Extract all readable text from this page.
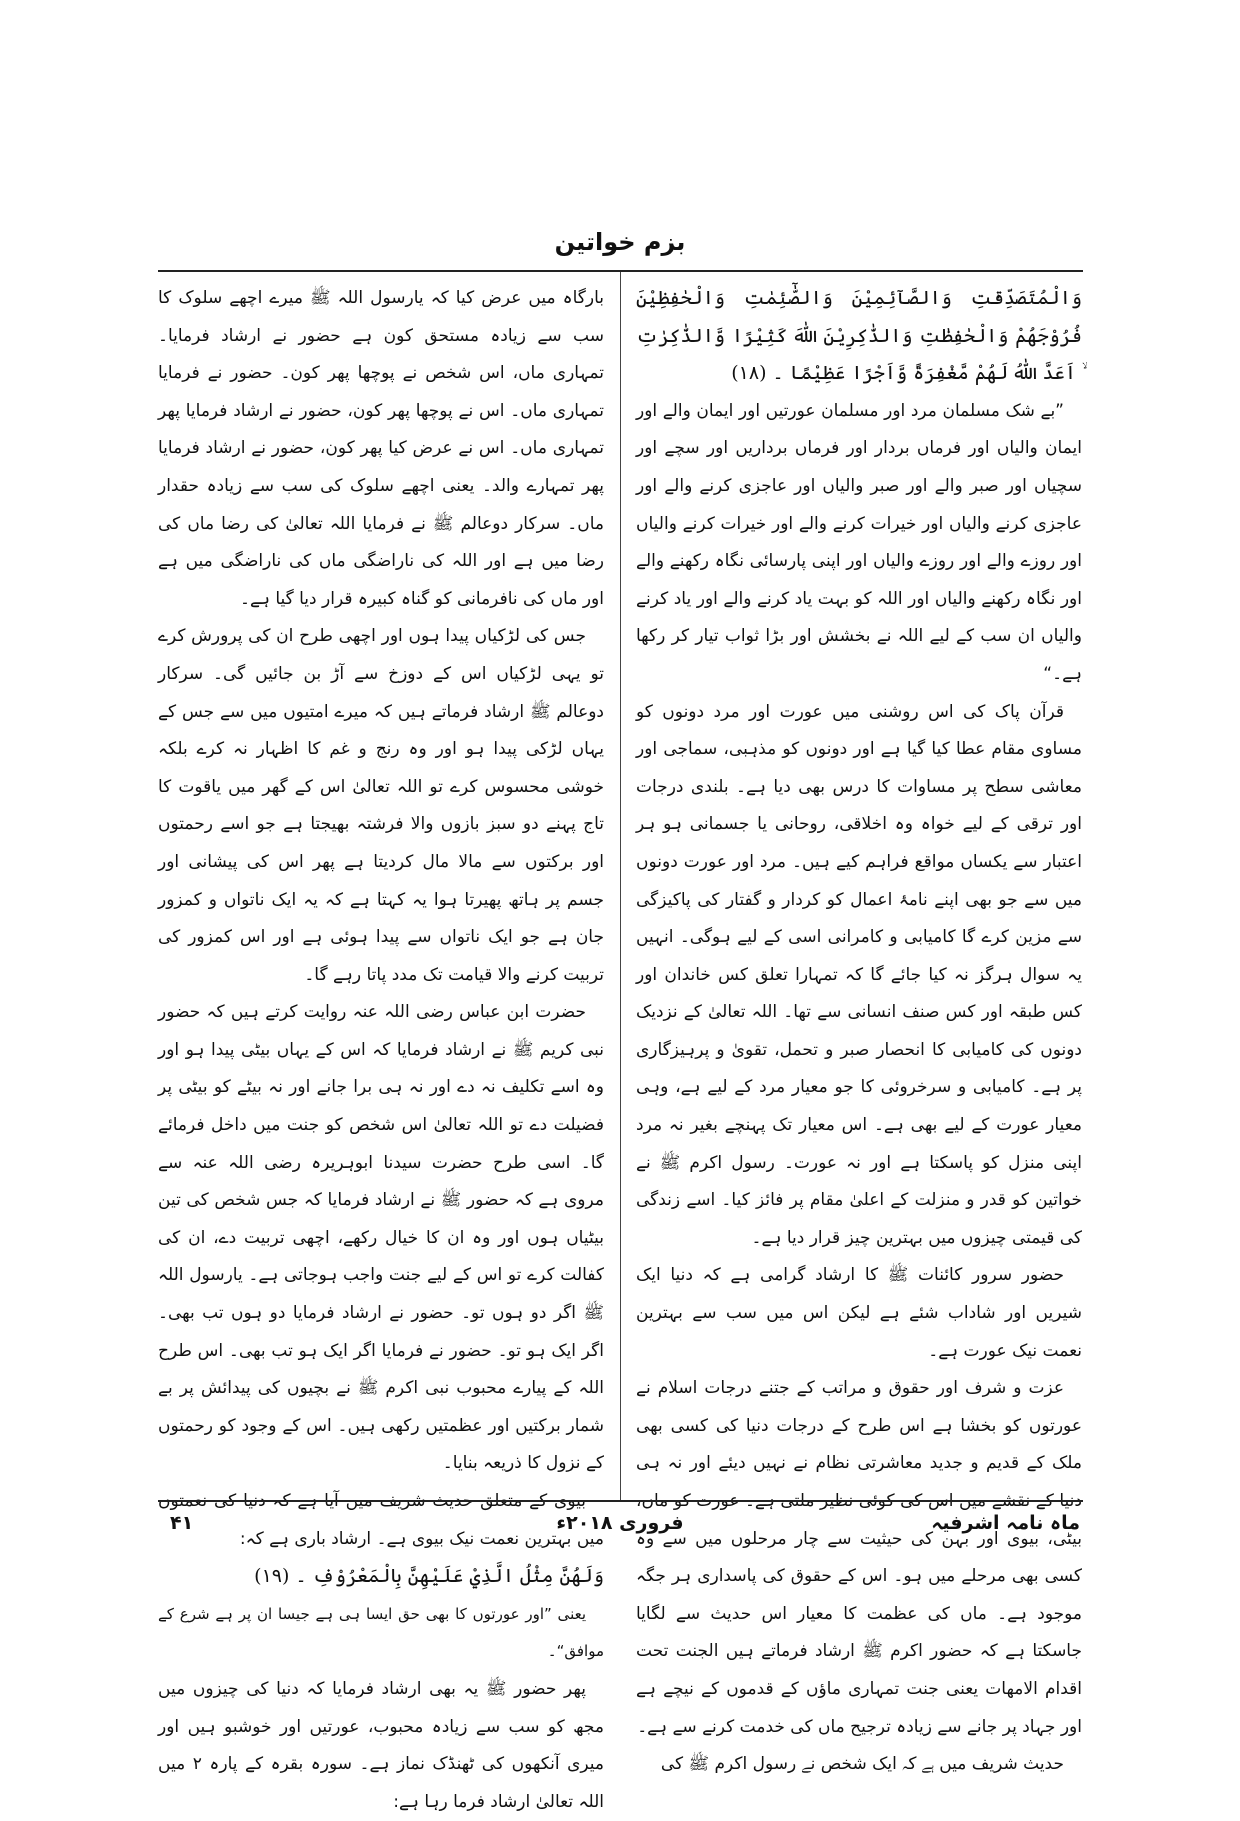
بزم خواتین

وَالْمُتَصَدِّقٰتِ وَالصَّآئِمِيْنَ وَالصّٰٓئِمٰتِ وَالْحٰفِظِيْنَ فُرُوْجَهُمْ وَالْحٰفِظٰتِ وَالذّٰكِرِيْنَ اللّٰهَ كَثِيْرًا وَّالذّٰكِرٰتِ ۙ اَعَدَّ اللّٰهُ لَهُمْ مَّغْفِرَةً وَّاَجْرًا عَظِيْمًا ۔ (۱۸)

”بے شک مسلمان مرد اور مسلمان عورتیں اور ایمان والے اور ایمان والیاں اور فرماں بردار اور فرماں برداریں اور سچے اور سچیاں اور صبر والے اور صبر والیاں اور عاجزی کرنے والے اور عاجزی کرنے والیاں اور خیرات کرنے والے اور خیرات کرنے والیاں اور روزے والے اور روزے والیاں اور اپنی پارسائی نگاہ رکھنے والے اور نگاہ رکھنے والیاں اور اللہ کو بہت یاد کرنے والے اور یاد کرنے والیاں ان سب کے لیے اللہ نے بخشش اور بڑا ثواب تیار کر رکھا ہے۔“

قرآن پاک کی اس روشنی میں عورت اور مرد دونوں کو مساوی مقام عطا کیا گیا ہے اور دونوں کو مذہبی، سماجی اور معاشی سطح پر مساوات کا درس بھی دیا ہے۔ بلندی درجات اور ترقی کے لیے خواہ وہ اخلاقی، روحانی یا جسمانی ہو ہر اعتبار سے یکساں مواقع فراہم کیے ہیں۔ مرد اور عورت دونوں میں سے جو بھی اپنے نامۂ اعمال کو کردار و گفتار کی پاکیزگی سے مزین کرے گا کامیابی و کامرانی اسی کے لیے ہوگی۔ انہیں یہ سوال ہرگز نہ کیا جائے گا کہ تمہارا تعلق کس خاندان اور کس طبقہ اور کس صنف انسانی سے تھا۔ اللہ تعالیٰ کے نزدیک دونوں کی کامیابی کا انحصار صبر و تحمل، تقویٰ و پرہیزگاری پر ہے۔ کامیابی و سرخروئی کا جو معیار مرد کے لیے ہے، وہی معیار عورت کے لیے بھی ہے۔ اس معیار تک پہنچے بغیر نہ مرد اپنی منزل کو پاسکتا ہے اور نہ عورت۔ رسول اکرم ﷺ نے خواتین کو قدر و منزلت کے اعلیٰ مقام پر فائز کیا۔ اسے زندگی کی قیمتی چیزوں میں بہترین چیز قرار دیا ہے۔

حضور سرور کائنات ﷺ کا ارشاد گرامی ہے کہ دنیا ایک شیریں اور شاداب شئے ہے لیکن اس میں سب سے بہترین نعمت نیک عورت ہے۔

عزت و شرف اور حقوق و مراتب کے جتنے درجات اسلام نے عورتوں کو بخشا ہے اس طرح کے درجات دنیا کی کسی بھی ملک کے قدیم و جدید معاشرتی نظام نے نہیں دیئے اور نہ ہی دنیا کے نقشے میں اس کی کوئی نظیر ملتی ہے۔ عورت کو ماں، بیٹی، بیوی اور بہن کی حیثیت سے چار مرحلوں میں سے وہ کسی بھی مرحلے میں ہو۔ اس کے حقوق کی پاسداری ہر جگہ موجود ہے۔ ماں کی عظمت کا معیار اس حدیث سے لگایا جاسکتا ہے کہ حضور اکرم ﷺ ارشاد فرماتے ہیں الجنت تحت اقدام الامھات یعنی جنت تمہاری ماؤں کے قدموں کے نیچے ہے اور جہاد پر جانے سے زیادہ ترجیح ماں کی خدمت کرنے سے ہے۔

حدیث شریف میں ہے کہ ایک شخص نے رسول اکرم ﷺ کی

بارگاہ میں عرض کیا کہ یارسول اللہ ﷺ میرے اچھے سلوک کا سب سے زیادہ مستحق کون ہے حضور نے ارشاد فرمایا۔ تمہاری ماں، اس شخص نے پوچھا پھر کون۔ حضور نے فرمایا تمہاری ماں۔ اس نے پوچھا پھر کون، حضور نے ارشاد فرمایا پھر تمہاری ماں۔ اس نے عرض کیا پھر کون، حضور نے ارشاد فرمایا پھر تمہارے والد۔ یعنی اچھے سلوک کی سب سے زیادہ حقدار ماں۔ سرکار دوعالم ﷺ نے فرمایا اللہ تعالیٰ کی رضا ماں کی رضا میں ہے اور اللہ کی ناراضگی ماں کی ناراضگی میں ہے اور ماں کی نافرمانی کو گناہ کبیرہ قرار دیا گیا ہے۔

جس کی لڑکیاں پیدا ہوں اور اچھی طرح ان کی پرورش کرے تو یہی لڑکیاں اس کے دوزخ سے آڑ بن جائیں گی۔ سرکار دوعالم ﷺ ارشاد فرماتے ہیں کہ میرے امتیوں میں سے جس کے یہاں لڑکی پیدا ہو اور وہ رنج و غم کا اظہار نہ کرے بلکہ خوشی محسوس کرے تو اللہ تعالیٰ اس کے گھر میں یاقوت کا تاج پہنے دو سبز بازوں والا فرشتہ بھیجتا ہے جو اسے رحمتوں اور برکتوں سے مالا مال کردیتا ہے پھر اس کی پیشانی اور جسم پر ہاتھ پھیرتا ہوا یہ کہتا ہے کہ یہ ایک ناتواں و کمزور جان ہے جو ایک ناتواں سے پیدا ہوئی ہے اور اس کمزور کی تربیت کرنے والا قیامت تک مدد پاتا رہے گا۔

حضرت ابن عباس رضی اللہ عنہ روایت کرتے ہیں کہ حضور نبی کریم ﷺ نے ارشاد فرمایا کہ اس کے یہاں بیٹی پیدا ہو اور وہ اسے تکلیف نہ دے اور نہ ہی برا جانے اور نہ بیٹے کو بیٹی پر فضیلت دے تو اللہ تعالیٰ اس شخص کو جنت میں داخل فرمائے گا۔ اسی طرح حضرت سیدنا ابوہریرہ رضی اللہ عنہ سے مروی ہے کہ حضور ﷺ نے ارشاد فرمایا کہ جس شخص کی تین بیٹیاں ہوں اور وہ ان کا خیال رکھے، اچھی تربیت دے، ان کی کفالت کرے تو اس کے لیے جنت واجب ہوجاتی ہے۔ یارسول اللہ ﷺ اگر دو ہوں تو۔ حضور نے ارشاد فرمایا دو ہوں تب بھی۔ اگر ایک ہو تو۔ حضور نے فرمایا اگر ایک ہو تب بھی۔ اس طرح اللہ کے پیارے محبوب نبی اکرم ﷺ نے بچیوں کی پیدائش پر بے شمار برکتیں اور عظمتیں رکھی ہیں۔ اس کے وجود کو رحمتوں کے نزول کا ذریعہ بنایا۔

بیوی کے متعلق حدیث شریف میں آیا ہے کہ دنیا کی نعمتوں میں بہترین نعمت نیک بیوی ہے۔ ارشاد باری ہے کہ:

وَلَهُنَّ مِثْلُ الَّذِيْ عَلَيْهِنَّ بِالْمَعْرُوْفِ ۔ (۱۹)

یعنی ”اور عورتوں کا بھی حق ایسا ہی ہے جیسا ان پر ہے شرع کے موافق“۔

پھر حضور ﷺ یہ بھی ارشاد فرمایا کہ دنیا کی چیزوں میں مجھ کو سب سے زیادہ محبوب، عورتیں اور خوشبو ہیں اور میری آنکھوں کی ٹھنڈک نماز ہے۔ سورہ بقرہ کے پارہ ۲ میں اللہ تعالیٰ ارشاد فرما رہا ہے:

ماہ نامہ اشرفیہ
فروری ۲۰۱۸ء
۴۱
